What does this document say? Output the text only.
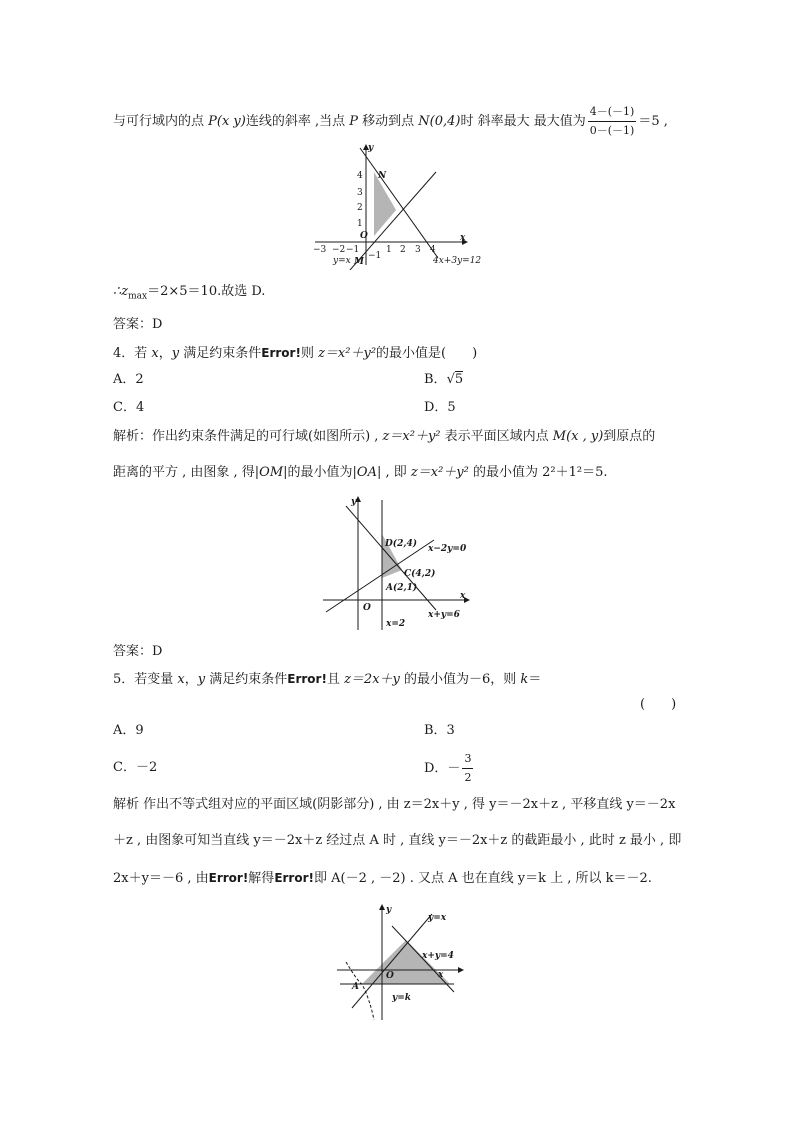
与可行域内的点 P(x y)连线的斜率 ,当点 P 移动到点 N(0,4)时 斜率最大 最大值为 $\frac{4-(-1)}{0-(-1)} =5$ ,
y
x
N
O
M
4
3
2
1
−3 −2 −1	1 2 3 4
−1
y=x	4x+3y=12
$\therefore z_{max}=2\times 5=10$.故选 D.
答案：D
4．若 x，y 满足约束条件Error!则 z＝x²＋y²的最小值是(　　)
A．2	B．√5
C．4	D．5
解析：作出约束条件满足的可行域(如图所示) , z＝x²＋y² 表示平面区域内点 M(x , y)到原点的
距离的平方 , 由图象 , 得|OM|的最小值为|OA| , 即 z＝x²＋y² 的最小值为 2²＋1²＝5.
y
x
O
D(2,4)
C(4,2)
A(2,1)
x−2y=0
x+y=6
x=2
答案：D
5．若变量 x，y 满足约束条件Error!且 z＝2x＋y 的最小值为－6，则 k＝
(　　)
A．9	B．3
C．－2	D．－ $\frac{3}{2}$
解析 作出不等式组对应的平面区域(阴影部分) , 由 z＝2x＋y , 得 y＝－2x＋z , 平移直线 y＝－2x
＋z , 由图象可知当直线 y＝－2x＋z 经过点 A 时 , 直线 y＝－2x＋z 的截距最小 , 此时 z 最小 , 即
2x＋y＝－6 , 由Error!解得Error!即 A(－2 , －2) . 又点 A 也在直线 y＝k 上 , 所以 k＝－2.
y
x
O
A
y=x
x+y=4
y=k
